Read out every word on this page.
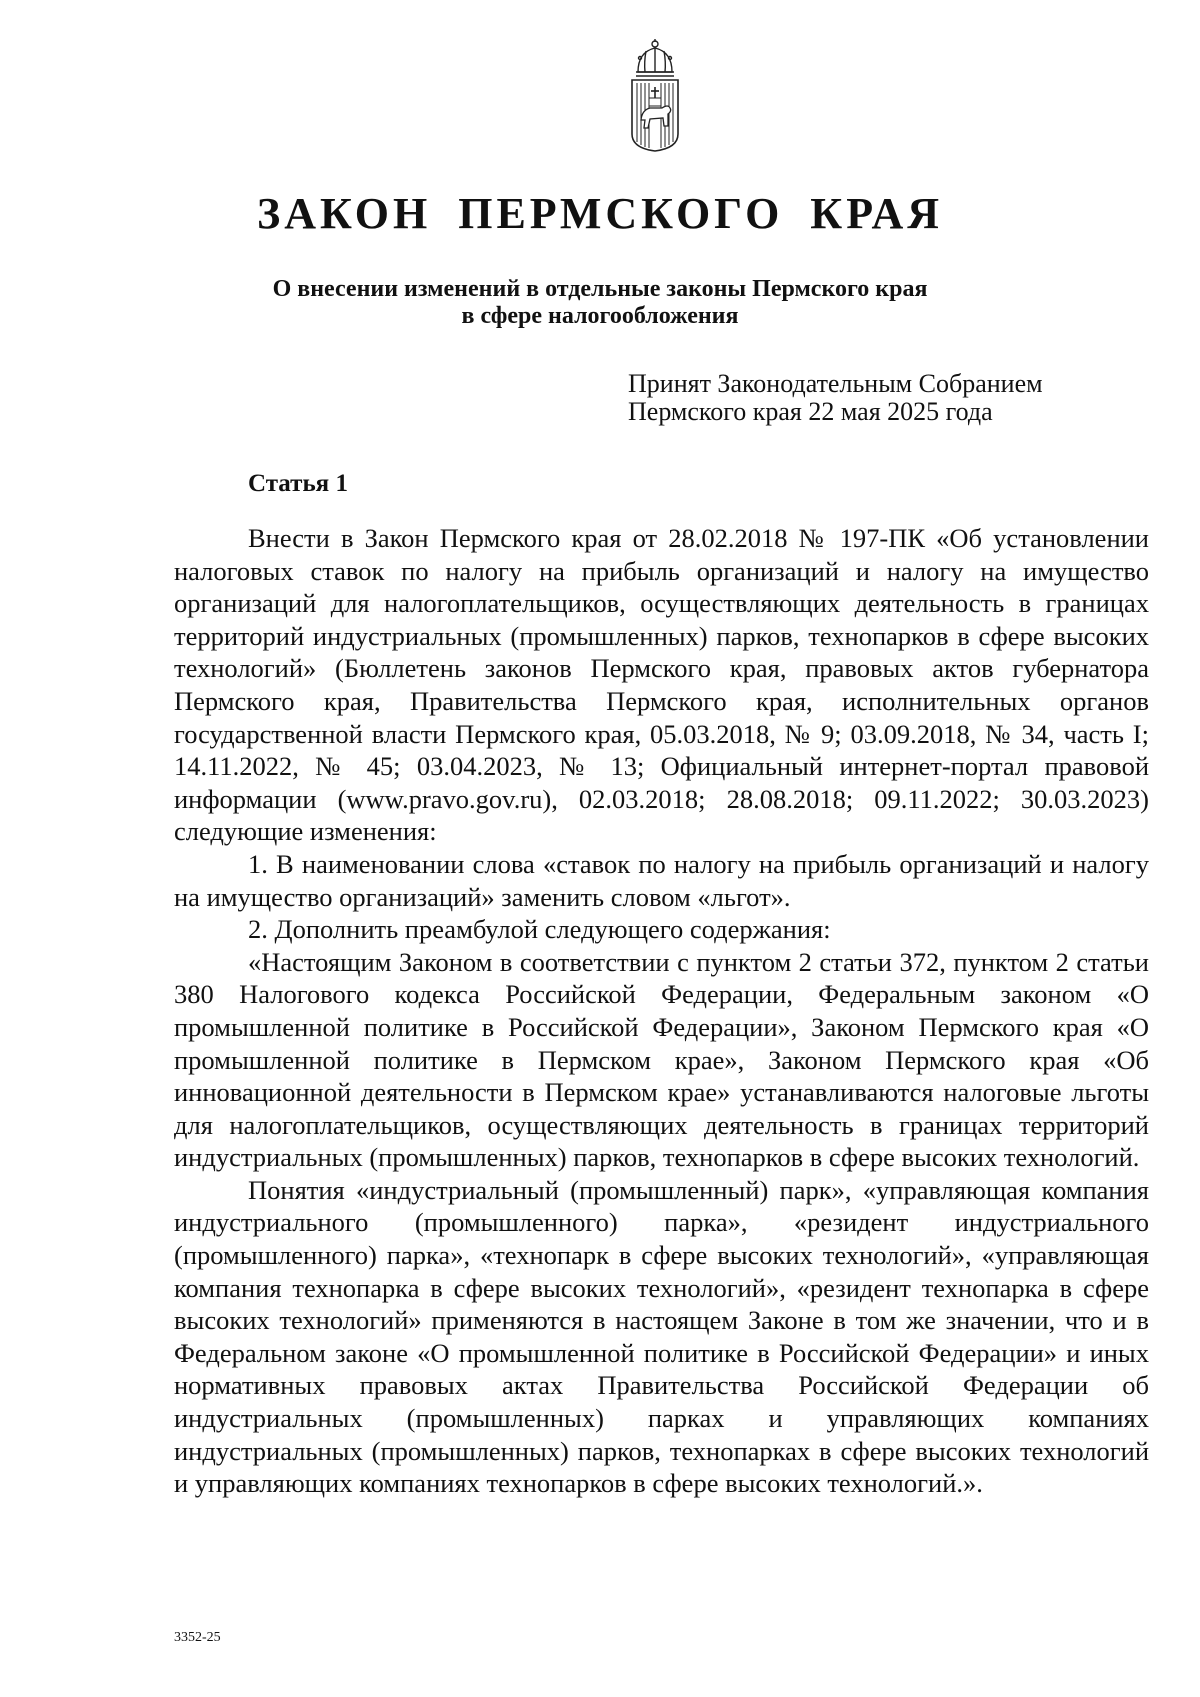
ЗАКОН ПЕРМСКОГО КРАЯ
О внесении изменений в отдельные законы Пермского края
в сфере налогообложения
Принят Законодательным Собранием
Пермского края 22 мая 2025 года
Статья 1

Внести в Закон Пермского края от 28.02.2018 № 197-ПК «Об установлении налоговых ставок по налогу на прибыль организаций и налогу на имущество организаций для налогоплательщиков, осуществляющих деятельность в границах территорий индустриальных (промышленных) парков, технопарков в сфере высоких технологий» (Бюллетень законов Пермского края, правовых актов губернатора Пермского края, Правительства Пермского края, исполнительных органов государственной власти Пермского края, 05.03.2018, № 9; 03.09.2018, № 34, часть I; 14.11.2022, № 45; 03.04.2023, № 13; Официальный интернет-портал правовой информации (www.pravo.gov.ru), 02.03.2018; 28.08.2018; 09.11.2022; 30.03.2023) следующие изменения:

1. В наименовании слова «ставок по налогу на прибыль организаций и налогу на имущество организаций» заменить словом «льгот».

2. Дополнить преамбулой следующего содержания:

«Настоящим Законом в соответствии с пунктом 2 статьи 372, пунктом 2 статьи 380 Налогового кодекса Российской Федерации, Федеральным законом «О промышленной политике в Российской Федерации», Законом Пермского края «О промышленной политике в Пермском крае», Законом Пермского края «Об инновационной деятельности в Пермском крае» устанавливаются налоговые льготы для налогоплательщиков, осуществляющих деятельность в границах территорий индустриальных (промышленных) парков, технопарков в сфере высоких технологий.

Понятия «индустриальный (промышленный) парк», «управляющая компания индустриального (промышленного) парка», «резидент индустриального (промышленного) парка», «технопарк в сфере высоких технологий», «управляющая компания технопарка в сфере высоких технологий», «резидент технопарка в сфере высоких технологий» применяются в настоящем Законе в том же значении, что и в Федеральном законе «О промышленной политике в Российской Федерации» и иных нормативных правовых актах Правительства Российской Федерации об индустриальных (промышленных) парках и управляющих компаниях индустриальных (промышленных) парков, технопарках в сфере высоких технологий и управляющих компаниях технопарков в сфере высоких технологий.».

3352-25
